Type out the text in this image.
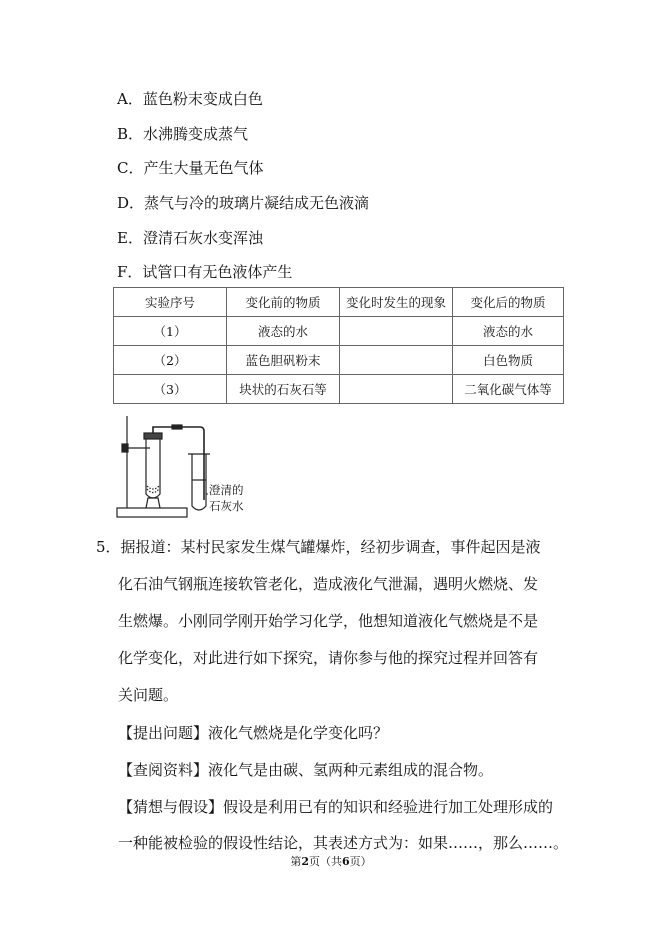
A．蓝色粉末变成白色
B．水沸腾变成蒸气
C．产生大量无色气体
D．蒸气与冷的玻璃片凝结成无色液滴
E．澄清石灰水变浑浊
F．试管口有无色液体产生
实验序号	变化前的物质	变化时发生的现象	变化后的物质
（1）	液态的水		液态的水
（2）	蓝色胆矾粉末		白色物质
（3）	块状的石灰石等		二氧化碳气体等
澄清的
石灰水
5．据报道：某村民家发生煤气罐爆炸，经初步调查，事件起因是液
化石油气钢瓶连接软管老化，造成液化气泄漏，遇明火燃烧、发
生燃爆。小刚同学刚开始学习化学，他想知道液化气燃烧是不是
化学变化，对此进行如下探究，请你参与他的探究过程并回答有
关问题。
【提出问题】液化气燃烧是化学变化吗？
【查阅资料】液化气是由碳、氢两种元素组成的混合物。
【猜想与假设】假设是利用已有的知识和经验进行加工处理形成的
一种能被检验的假设性结论，其表述方式为：如果……，那么……。
第2页（共6页）
